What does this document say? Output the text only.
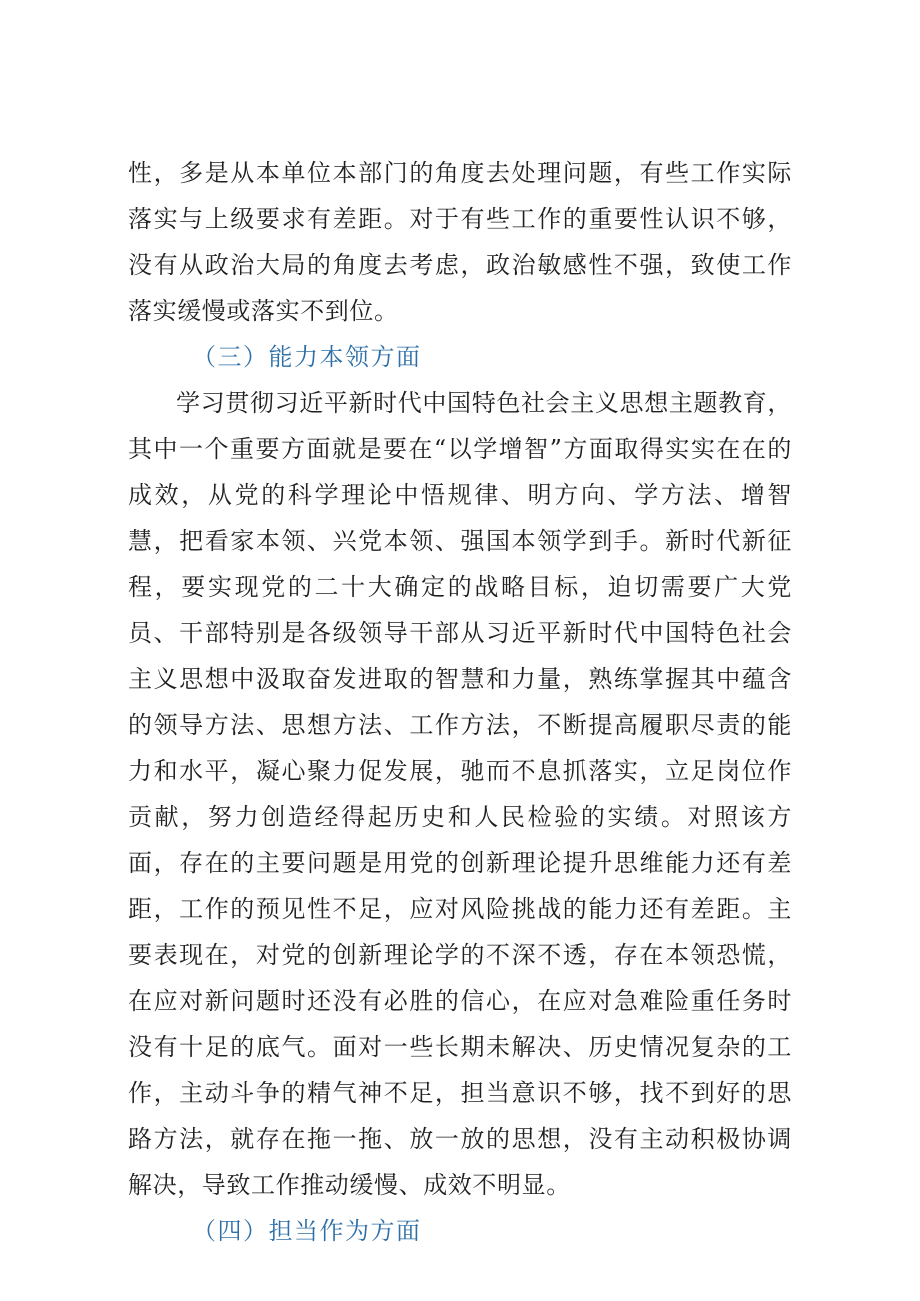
性，多是从本单位本部门的角度去处理问题，有些工作实际落实与上级要求有差距。对于有些工作的重要性认识不够，没有从政治大局的角度去考虑，政治敏感性不强，致使工作落实缓慢或落实不到位。

（三）能力本领方面

学习贯彻习近平新时代中国特色社会主义思想主题教育，其中一个重要方面就是要在“以学增智”方面取得实实在在的成效，从党的科学理论中悟规律、明方向、学方法、增智慧，把看家本领、兴党本领、强国本领学到手。新时代新征程，要实现党的二十大确定的战略目标，迫切需要广大党员、干部特别是各级领导干部从习近平新时代中国特色社会主义思想中汲取奋发进取的智慧和力量，熟练掌握其中蕴含的领导方法、思想方法、工作方法，不断提高履职尽责的能力和水平，凝心聚力促发展，驰而不息抓落实，立足岗位作贡献，努力创造经得起历史和人民检验的实绩。对照该方面，存在的主要问题是用党的创新理论提升思维能力还有差距，工作的预见性不足，应对风险挑战的能力还有差距。主要表现在，对党的创新理论学的不深不透，存在本领恐慌，在应对新问题时还没有必胜的信心，在应对急难险重任务时没有十足的底气。面对一些长期未解决、历史情况复杂的工作，主动斗争的精气神不足，担当意识不够，找不到好的思路方法，就存在拖一拖、放一放的思想，没有主动积极协调解决，导致工作推动缓慢、成效不明显。

（四）担当作为方面
